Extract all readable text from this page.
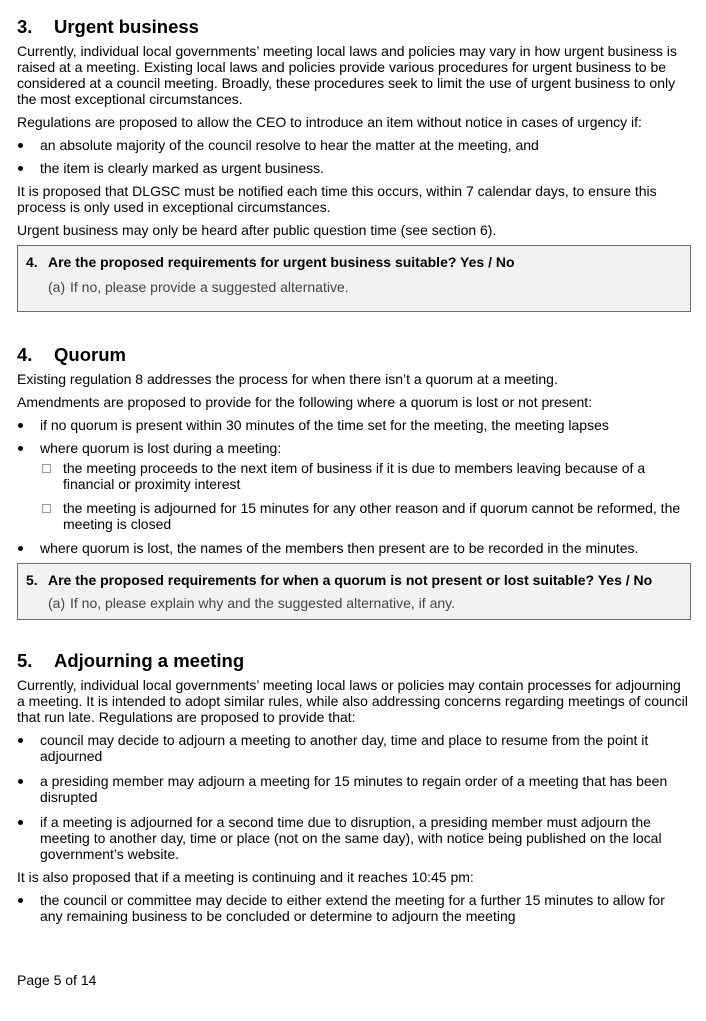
3.	Urgent business

Currently, individual local governments’ meeting local laws and policies may vary in how urgent business is raised at a meeting. Existing local laws and policies provide various procedures for urgent business to be considered at a council meeting. Broadly, these procedures seek to limit the use of urgent business to only the most exceptional circumstances.

Regulations are proposed to allow the CEO to introduce an item without notice in cases of urgency if:

an absolute majority of the council resolve to hear the matter at the meeting, and
the item is clearly marked as urgent business.

It is proposed that DLGSC must be notified each time this occurs, within 7 calendar days, to ensure this process is only used in exceptional circumstances.

Urgent business may only be heard after public question time (see section 6).

4. Are the proposed requirements for urgent business suitable? Yes / No
(a) If no, please provide a suggested alternative.
4.	Quorum

Existing regulation 8 addresses the process for when there isn’t a quorum at a meeting.

Amendments are proposed to provide for the following where a quorum is lost or not present:

if no quorum is present within 30 minutes of the time set for the meeting, the meeting lapses
where quorum is lost during a meeting:
the meeting proceeds to the next item of business if it is due to members leaving because of a financial or proximity interest
the meeting is adjourned for 15 minutes for any other reason and if quorum cannot be reformed, the meeting is closed
where quorum is lost, the names of the members then present are to be recorded in the minutes.
5. Are the proposed requirements for when a quorum is not present or lost suitable? Yes / No
(a) If no, please explain why and the suggested alternative, if any.
5.	Adjourning a meeting

Currently, individual local governments’ meeting local laws or policies may contain processes for adjourning a meeting. It is intended to adopt similar rules, while also addressing concerns regarding meetings of council that run late. Regulations are proposed to provide that:

council may decide to adjourn a meeting to another day, time and place to resume from the point it adjourned
a presiding member may adjourn a meeting for 15 minutes to regain order of a meeting that has been disrupted
if a meeting is adjourned for a second time due to disruption, a presiding member must adjourn the meeting to another day, time or place (not on the same day), with notice being published on the local government’s website.

It is also proposed that if a meeting is continuing and it reaches 10:45 pm:

the council or committee may decide to either extend the meeting for a further 15 minutes to allow for any remaining business to be concluded or determine to adjourn the meeting
Page 5 of 14
